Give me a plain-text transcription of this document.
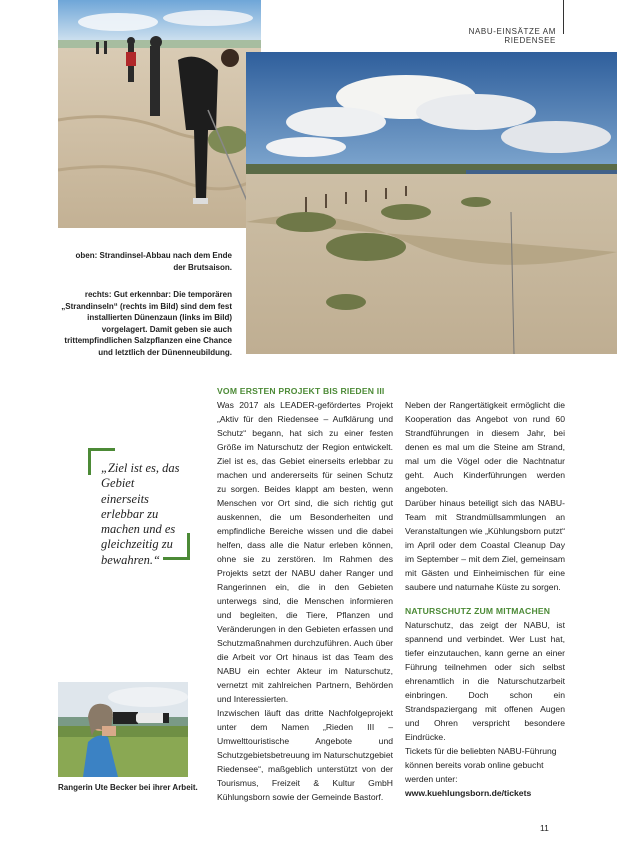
NABU-EINSÄTZE AM RIEDENSEE

oben: Strandinsel-Abbau nach dem Ende der Brutsaison.

rechts: Gut erkennbar: Die temporären „Strandinseln“ (rechts im Bild) sind dem fest installierten Dünenzaun (links im Bild) vorgelagert. Damit geben sie auch trittempfindlichen Salzpflanzen eine Chance und letztlich der Dünenneubildung.

„Ziel ist es, das Gebiet einerseits erlebbar zu machen und es gleichzeitig zu bewahren.“
Rangerin Ute Becker bei ihrer Arbeit.
VOM ERSTEN PROJEKT BIS RIEDEN III

Was 2017 als LEADER-gefördertes Projekt „Aktiv für den Riedensee – Aufklärung und Schutz“ begann, hat sich zu einer festen Größe im Naturschutz der Region entwickelt. Ziel ist es, das Gebiet einerseits erlebbar zu machen und andererseits für seinen Schutz zu sorgen. Beides klappt am besten, wenn Menschen vor Ort sind, die sich richtig gut auskennen, die um Besonderheiten und empfindliche Bereiche wissen und die dabei helfen, dass alle die Natur erleben können, ohne sie zu zerstören. Im Rahmen des Projekts setzt der NABU daher Ranger und Rangerinnen ein, die in den Gebieten unterwegs sind, die Menschen informieren und begleiten, die Tiere, Pflanzen und Veränderungen in den Gebieten erfassen und Schutzmaßnahmen durchzuführen. Auch über die Arbeit vor Ort hinaus ist das Team des NABU ein echter Akteur im Naturschutz, vernetzt mit zahlreichen Partnern, Behörden und Interessierten.

Inzwischen läuft das dritte Nachfolgeprojekt unter dem Namen „Rieden III – Umwelttouristische Angebote und Schutzgebietsbetreuung im Naturschutzgebiet Riedensee“, maßgeblich unterstützt von der Tourismus, Freizeit & Kultur GmbH Kühlungsborn sowie der Gemeinde Bastorf.

Neben der Rangertätigkeit ermöglicht die Kooperation das Angebot von rund 60 Strandführungen in diesem Jahr, bei denen es mal um die Steine am Strand, mal um die Vögel oder die Nachtnatur geht. Auch Kinderführungen werden angeboten.

Darüber hinaus beteiligt sich das NABU-Team mit Strandmüllsammlungen an Veranstaltungen wie „Kühlungsborn putzt“ im April oder dem Coastal Cleanup Day im September – mit dem Ziel, gemeinsam mit Gästen und Einheimischen für eine saubere und naturnahe Küste zu sorgen.

NATURSCHUTZ ZUM MITMACHEN

Naturschutz, das zeigt der NABU, ist spannend und verbindet. Wer Lust hat, tiefer einzutauchen, kann gerne an einer Führung teilnehmen oder sich selbst ehrenamtlich in die Naturschutzarbeit einbringen. Doch schon ein Strandspaziergang mit offenen Augen und Ohren verspricht besondere Eindrücke.

Tickets für die beliebten NABU-Führung können bereits vorab online gebucht werden unter:

www.kuehlungsborn.de/tickets

11
